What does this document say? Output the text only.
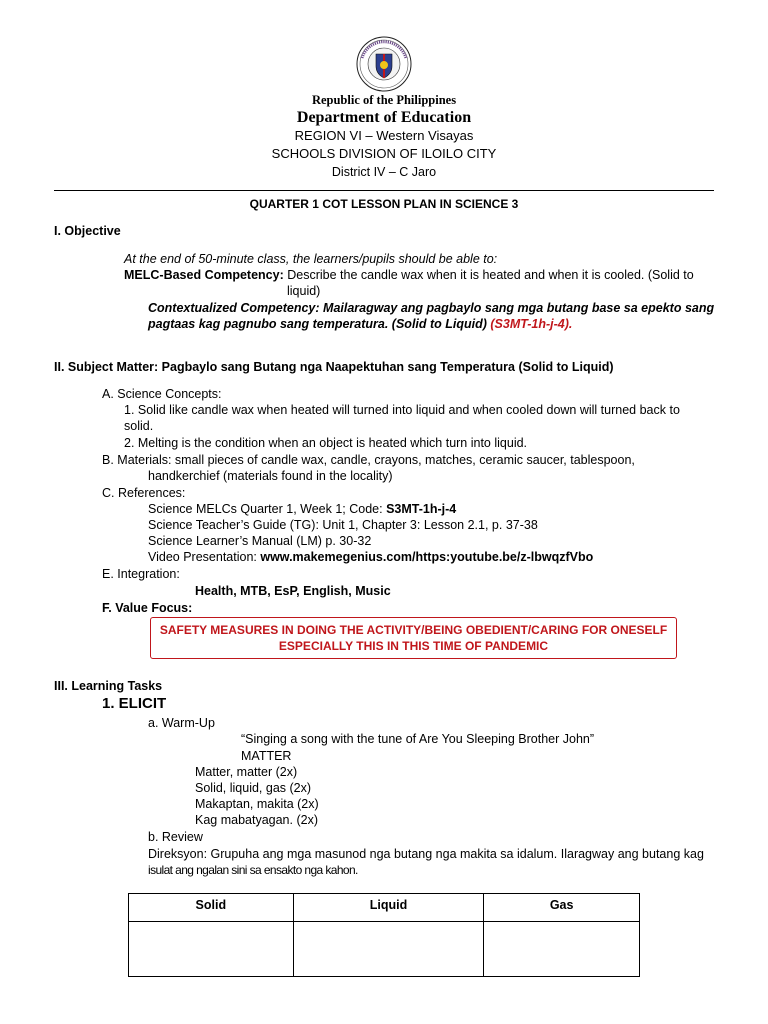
Republic of the Philippines
Department of Education
REGION VI – Western Visayas
SCHOOLS DIVISION OF ILOILO CITY
District IV – C Jaro
QUARTER 1 COT LESSON PLAN IN SCIENCE 3
I. Objective
At the end of 50-minute class, the learners/pupils should be able to:
MELC-Based Competency: Describe the candle wax when it is heated and when it is cooled. (Solid to
liquid)
Contextualized Competency: Mailaragway ang pagbaylo sang mga butang base sa epekto sang
pagtaas kag pagnubo sang temperatura. (Solid to Liquid) (S3MT-1h-j-4).
II. Subject Matter: Pagbaylo sang Butang nga Naapektuhan sang Temperatura (Solid to Liquid)
A. Science Concepts:
1. Solid like candle wax when heated will turned into liquid and when cooled down will turned back to
solid.
2. Melting is the condition when an object is heated which turn into liquid.
B. Materials: small pieces of candle wax, candle, crayons, matches, ceramic saucer, tablespoon,
handkerchief (materials found in the locality)
C. References:
Science MELCs Quarter 1, Week 1; Code: S3MT-1h-j-4
Science Teacher’s Guide (TG): Unit 1, Chapter 3: Lesson 2.1, p. 37-38
Science Learner’s Manual (LM) p. 30-32
Video Presentation: www.makemegenius.com/https:youtube.be/z-lbwqzfVbo
E. Integration:
Health, MTB, EsP, English, Music
F. Value Focus:
SAFETY MEASURES IN DOING THE ACTIVITY/BEING OBEDIENT/CARING FOR ONESELF
ESPECIALLY THIS IN THIS TIME OF PANDEMIC
III. Learning Tasks
1. ELICIT
a. Warm-Up
“Singing a song with the tune of Are You Sleeping Brother John”
MATTER
Matter, matter (2x)
Solid, liquid, gas (2x)
Makaptan, makita (2x)
Kag mabatyagan. (2x)
b. Review
Direksyon: Grupuha ang mga masunod nga butang nga makita sa idalum. Ilaragway ang butang kag
isulat ang ngalan sini sa ensakto nga kahon.
Solid	Liquid	Gas
